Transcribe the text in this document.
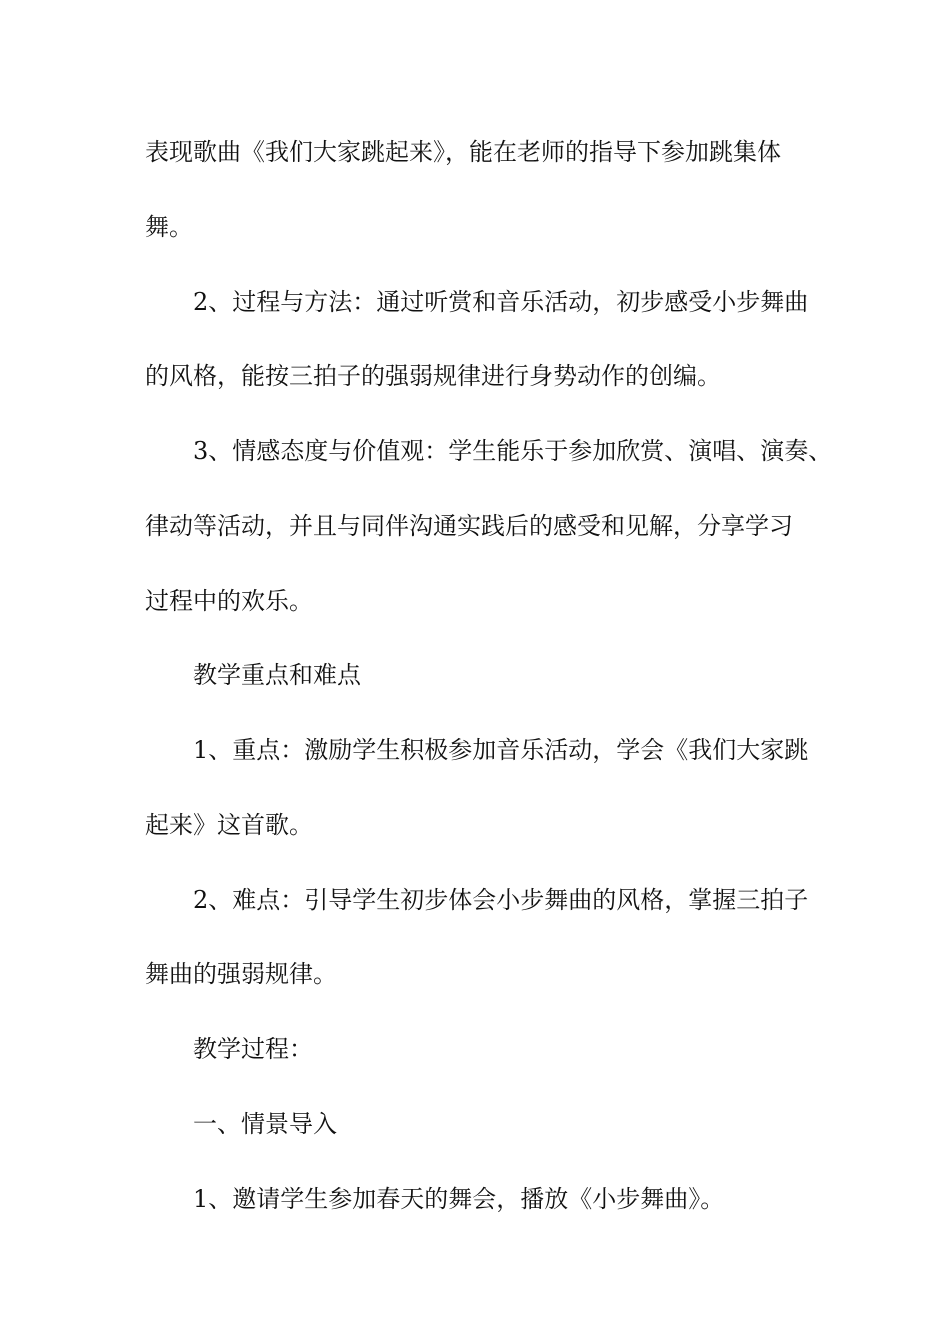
表现歌曲《我们大家跳起来》，能在老师的指导下参加跳集体
舞。
2、过程与方法：通过听赏和音乐活动，初步感受小步舞曲
的风格，能按三拍子的强弱规律进行身势动作的创编。
3、情感态度与价值观：学生能乐于参加欣赏、演唱、演奏、
律动等活动，并且与同伴沟通实践后的感受和见解，分享学习
过程中的欢乐。
教学重点和难点
1、重点：激励学生积极参加音乐活动，学会《我们大家跳
起来》这首歌。
2、难点：引导学生初步体会小步舞曲的风格，掌握三拍子
舞曲的强弱规律。
教学过程：
一、情景导入
1、邀请学生参加春天的舞会，播放《小步舞曲》。
